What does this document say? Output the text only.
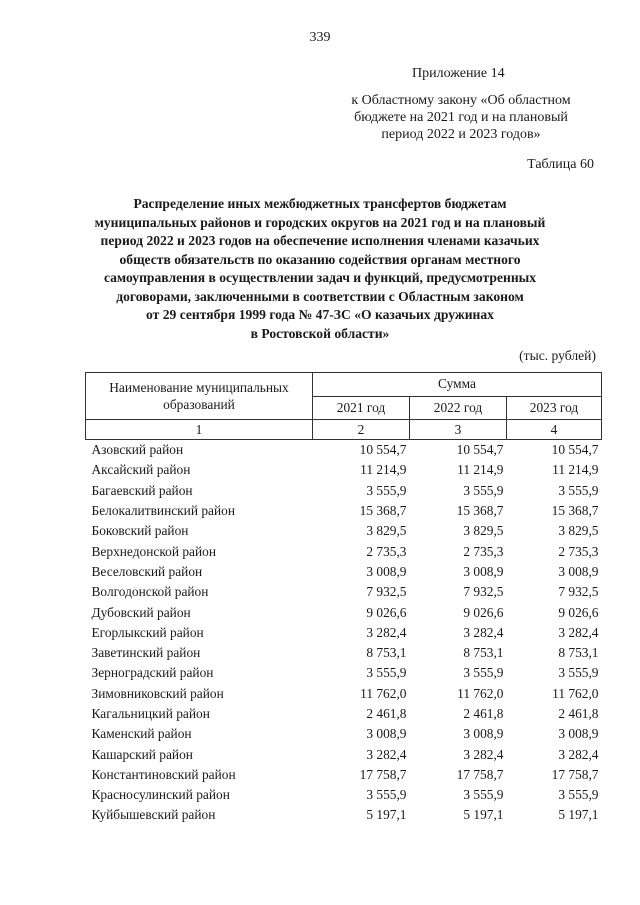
339
Приложение 14
к Областному закону «Об областном
бюджете на 2021 год и на плановый
период 2022 и 2023 годов»
Таблица 60
Распределение иных межбюджетных трансфертов бюджетам
муниципальных районов и городских округов на 2021 год и на плановый
период 2022 и 2023 годов на обеспечение исполнения членами казачьих
обществ обязательств по оказанию содействия органам местного
самоуправления в осуществлении задач и функций, предусмотренных
договорами, заключенными в соответствии с Областным законом
от 29 сентября 1999 года № 47-ЗС «О казачьих дружинах
в Ростовской области»
(тыс. рублей)
Наименование муниципальных
образований	Сумма		
	2021 год	2022 год	2023 год
1	2	3	4
Азовский район	10 554,7	10 554,7	10 554,7
Аксайский район	11 214,9	11 214,9	11 214,9
Багаевский район	3 555,9	3 555,9	3 555,9
Белокалитвинский район	15 368,7	15 368,7	15 368,7
Боковский район	3 829,5	3 829,5	3 829,5
Верхнедонской район	2 735,3	2 735,3	2 735,3
Веселовский район	3 008,9	3 008,9	3 008,9
Волгодонской район	7 932,5	7 932,5	7 932,5
Дубовский район	9 026,6	9 026,6	9 026,6
Егорлыкский район	3 282,4	3 282,4	3 282,4
Заветинский район	8 753,1	8 753,1	8 753,1
Зерноградский район	3 555,9	3 555,9	3 555,9
Зимовниковский район	11 762,0	11 762,0	11 762,0
Кагальницкий район	2 461,8	2 461,8	2 461,8
Каменский район	3 008,9	3 008,9	3 008,9
Кашарский район	3 282,4	3 282,4	3 282,4
Константиновский район	17 758,7	17 758,7	17 758,7
Красносулинский район	3 555,9	3 555,9	3 555,9
Куйбышевский район	5 197,1	5 197,1	5 197,1
